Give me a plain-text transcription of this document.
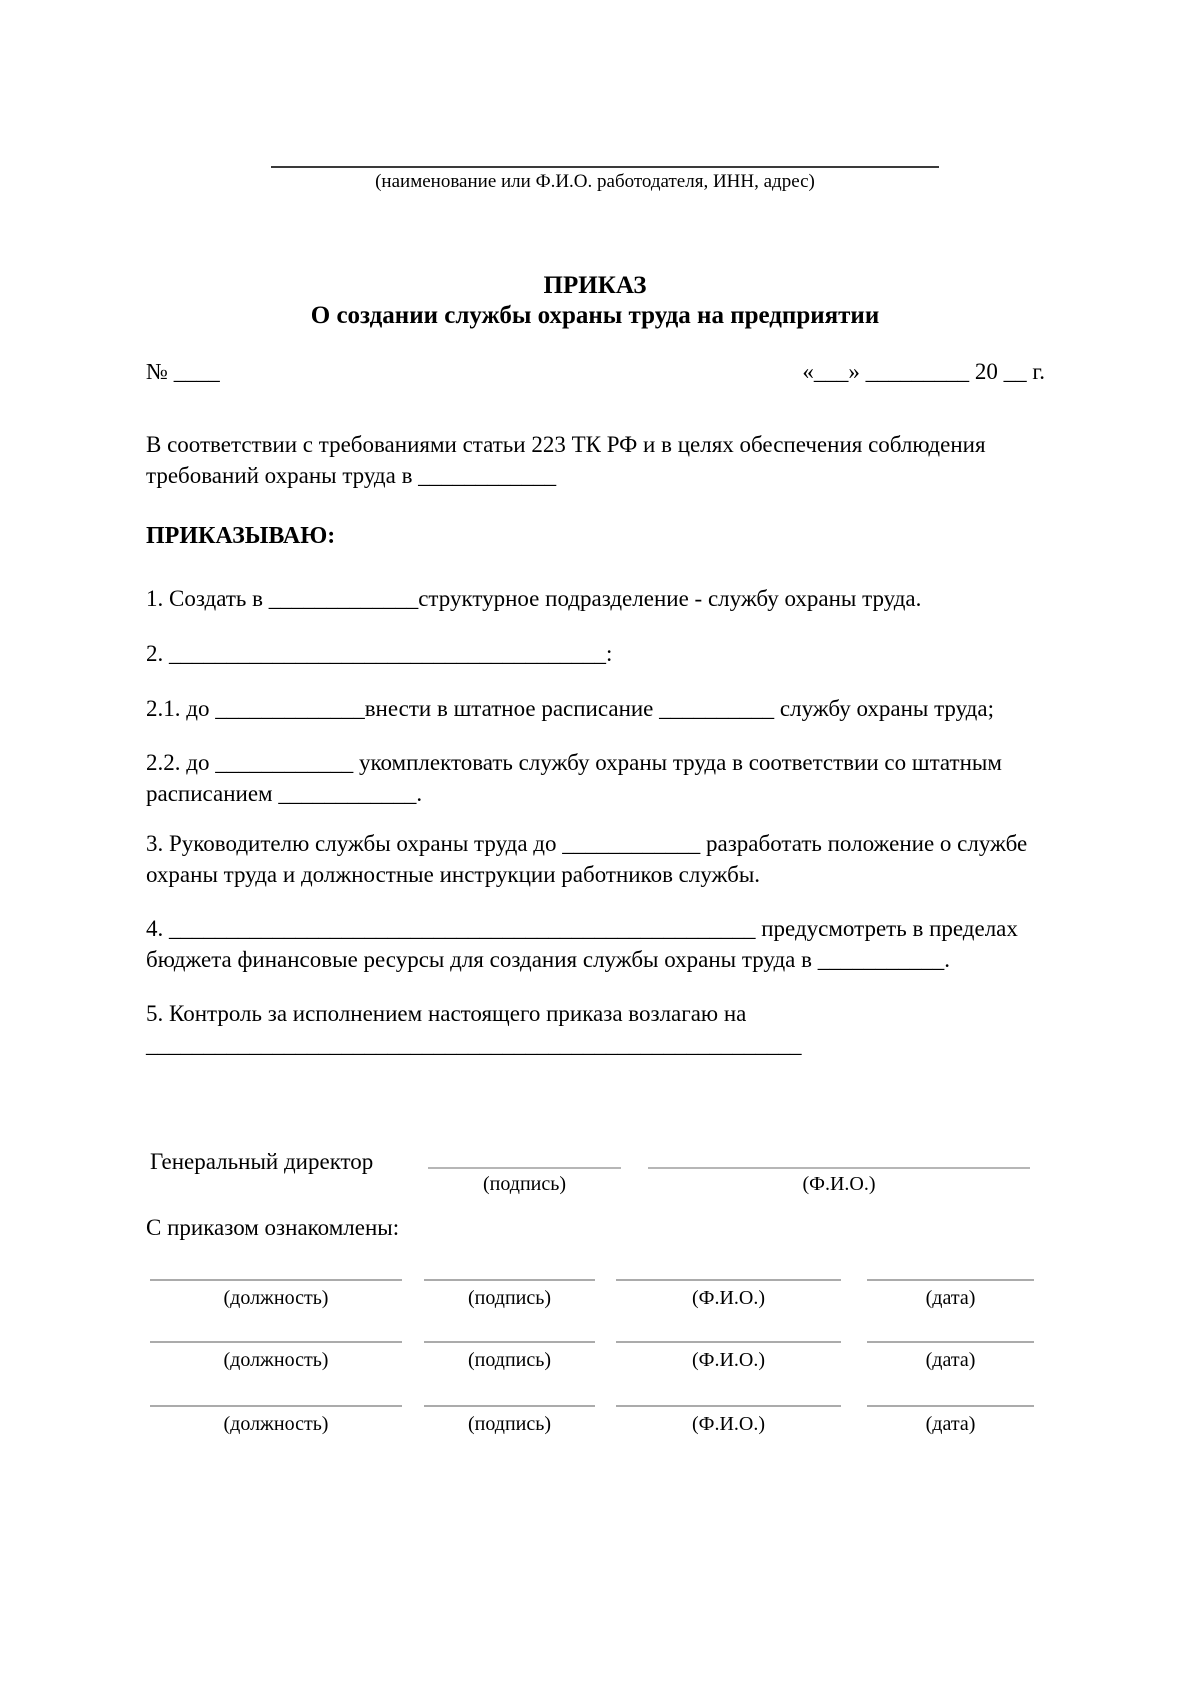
(наименование или Ф.И.О. работодателя, ИНН, адрес)
ПРИКАЗ
О создании службы охраны труда на предприятии
№ ____	«___» _________ 20 __ г.
В соответствии с требованиями статьи 223 ТК РФ и в целях обеспечения соблюдения требований охраны труда в ____________
ПРИКАЗЫВАЮ:
1. Создать в _____________структурное подразделение - службу охраны труда.
2. ______________________________________:
2.1. до _____________внести в штатное расписание __________ службу охраны труда;
2.2. до ____________ укомплектовать службу охраны труда в соответствии со штатным расписанием ____________.
3. Руководителю службы охраны труда до ____________ разработать положение о службе охраны труда и должностные инструкции работников службы.
4. ___________________________________________________ предусмотреть в пределах бюджета финансовые ресурсы для создания службы охраны труда в ___________.
5. Контроль за исполнением настоящего приказа возлагаю на
_________________________________________________________
Генеральный директор
(подпись)	(Ф.И.О.)
С приказом ознакомлены:
(должность)	(подпись)	(Ф.И.О.)	(дата)
(должность)	(подпись)	(Ф.И.О.)	(дата)
(должность)	(подпись)	(Ф.И.О.)	(дата)
